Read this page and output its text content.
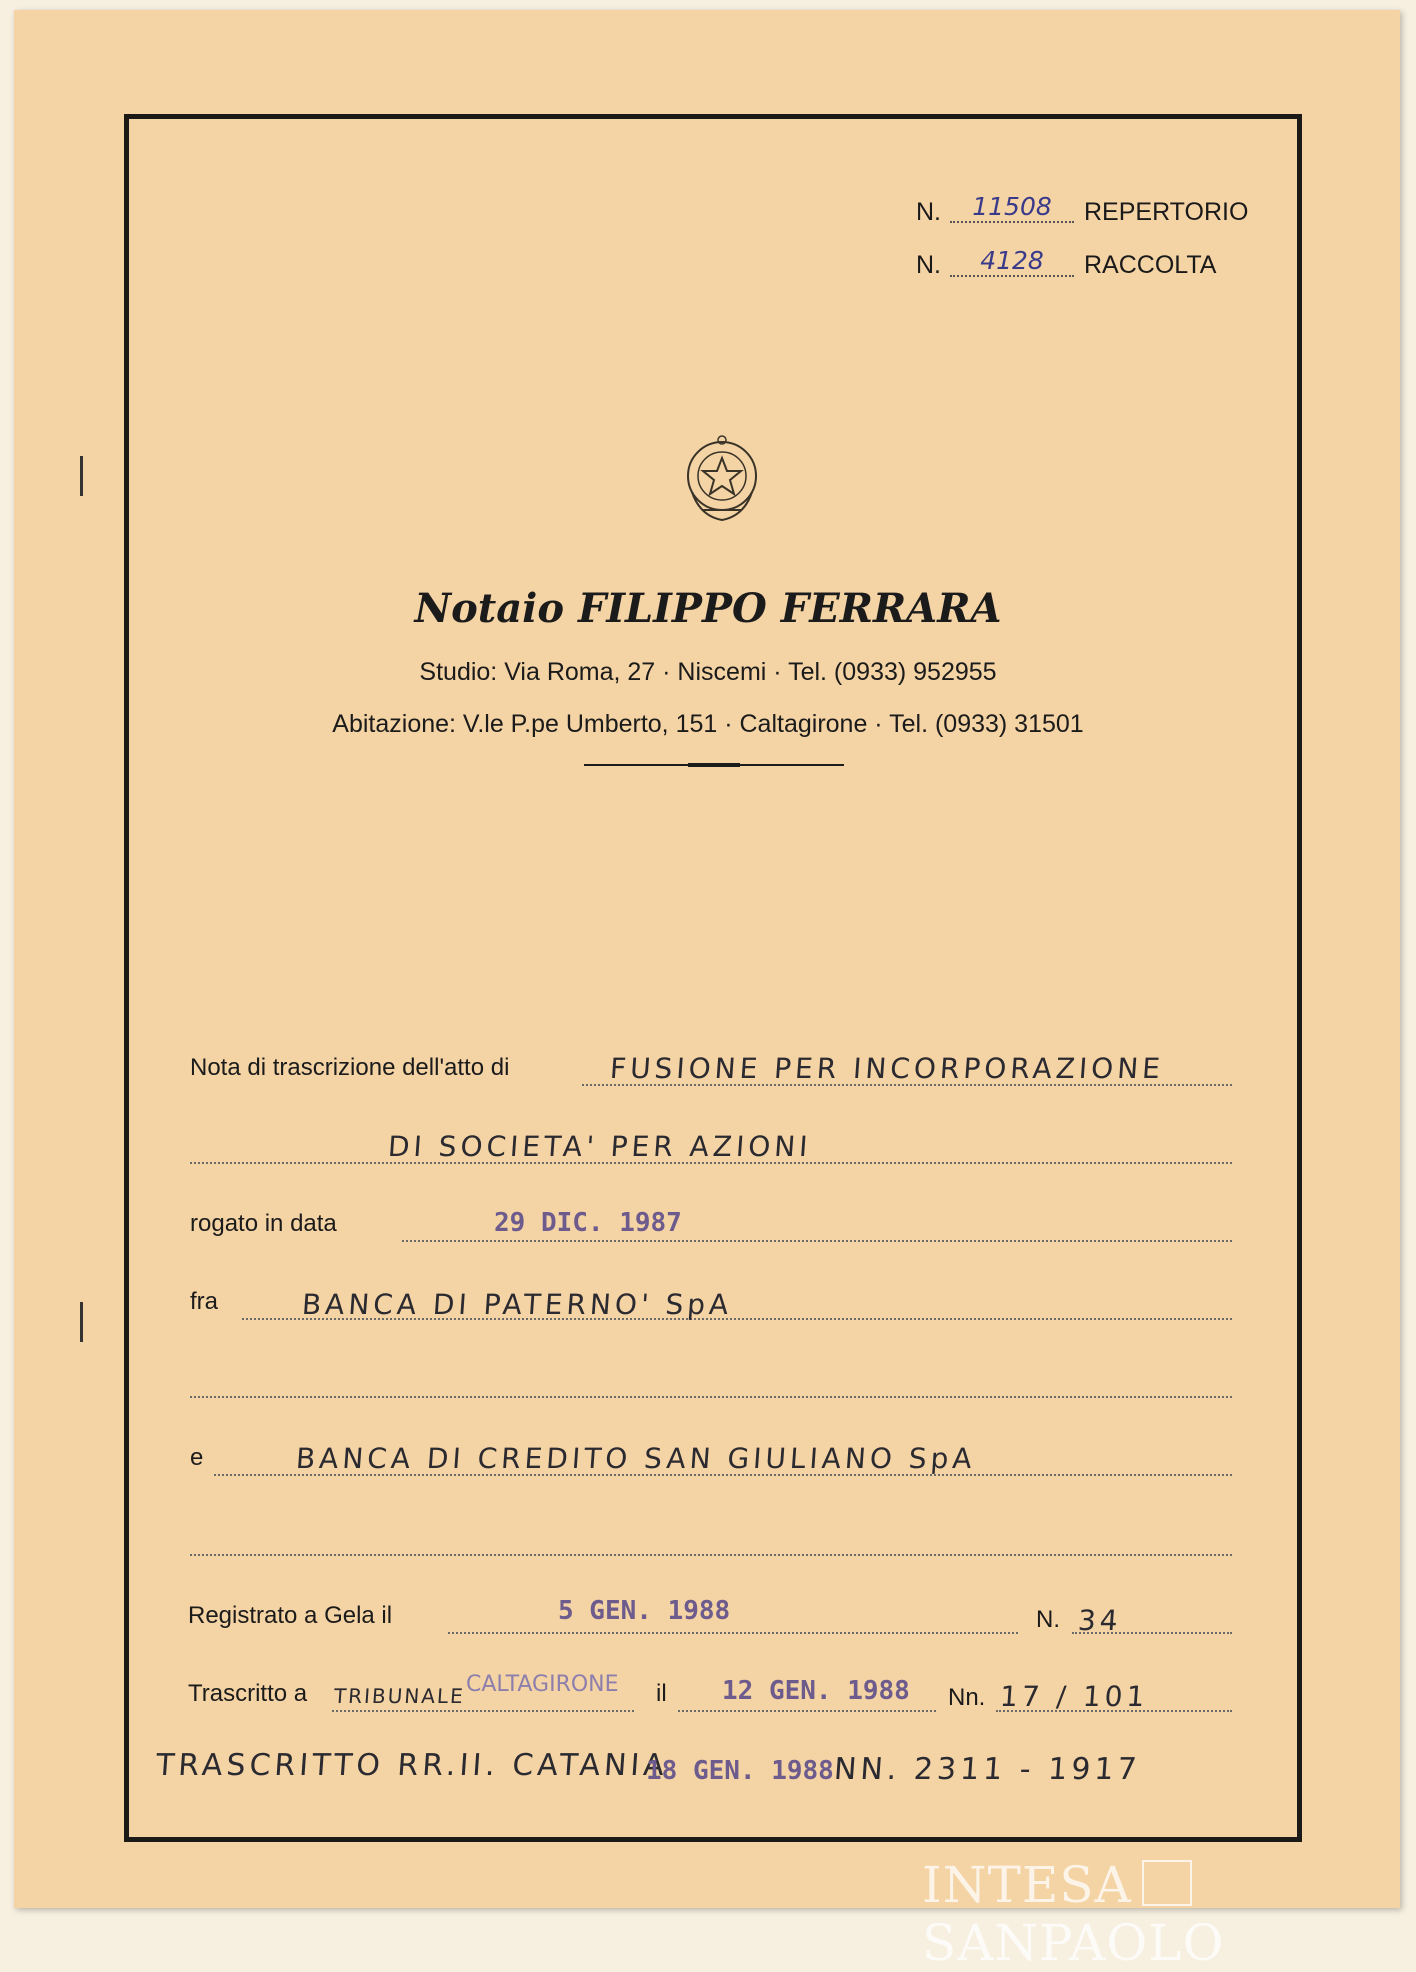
N.	11508	REPERTORIO
N.	4128	RACCOLTA
Notaio FILIPPO FERRARA
Studio: Via Roma, 27 · Niscemi · Tel. (0933) 952955
Abitazione: V.le P.pe Umberto, 151 · Caltagirone · Tel. (0933) 31501
Nota di trascrizione dell'atto di	FUSIONE PER INCORPORAZIONE
DI SOCIETA' PER AZIONI
rogato in data	29 DIC. 1987
fra	BANCA DI PATERNO' SpA
e	BANCA DI CREDITO SAN GIULIANO SpA
Registrato a Gela il	5 GEN. 1988	N. 34
Trascritto a TRIBUNALE CALTAGIRONE il 12 GEN. 1988 Nn. 17 / 101
TRASCRITTO RR.II. CATANIA
18 GEN. 1988
NN. 2311 - 1917
INTESASANPAOLO
